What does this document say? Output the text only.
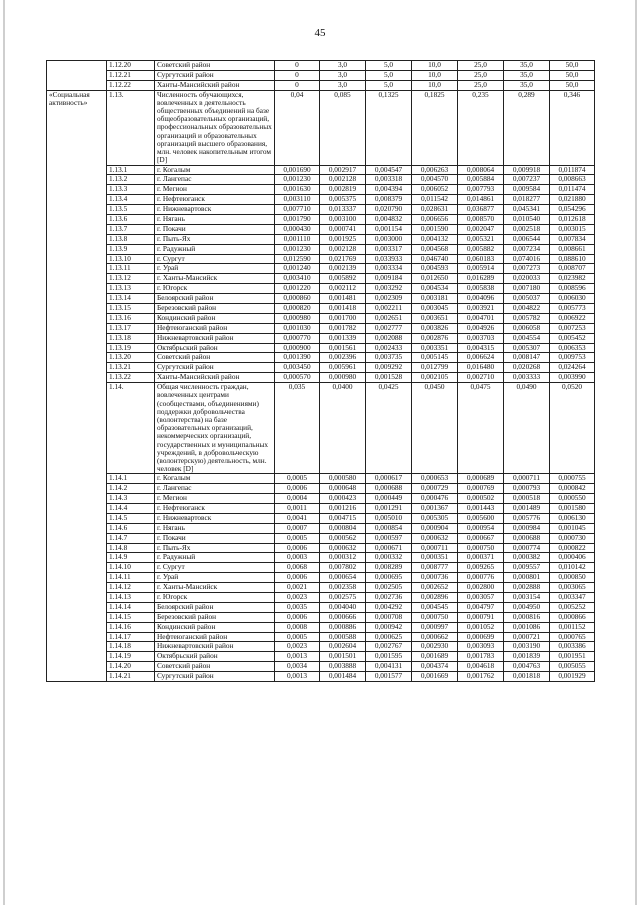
45
	1.12.20	Советский район	0	3,0	5,0	10,0	25,0	35,0	50,0
	1.12.21	Сургутский район	0	3,0	5,0	10,0	25,0	35,0	50,0
	1.12.22	Ханты-Мансийский район	0	3,0	5,0	10,0	25,0	35,0	50,0
«Социальная активность»	1.13.	Численность обучающихся, вовлеченных в деятельность общественных объединений на базе общеобразовательных организаций, профессиональных образовательных организаций и образовательных организаций высшего образования, млн. человек накопительным итогом [D]	0,04	0,085	0,1325	0,1825	0,235	0,289	0,346
	1.13.1	г. Когалым	0,001690	0,002917	0,004547	0,006263	0,008064	0,009918	0,011874
	1.13.2	г. Лангепас	0,001230	0,002128	0,003318	0,004570	0,005884	0,007237	0,008663
	1.13.3	г. Мегион	0,001630	0,002819	0,004394	0,006052	0,007793	0,009584	0,011474
	1.13.4	г. Нефтеюганск	0,003110	0,005375	0,008379	0,011542	0,014861	0,018277	0,021880
	1.13.5	г. Нижневартовск	0,007710	0,013337	0,020790	0,028631	0,036877	0,045341	0,054296
	1.13.6	г. Нягань	0,001790	0,003100	0,004832	0,006656	0,008570	0,010540	0,012618
	1.13.7	г. Покачи	0,000430	0,000741	0,001154	0,001590	0,002047	0,002518	0,003015
	1.13.8	г. Пыть-Ях	0,001110	0,001925	0,003000	0,004132	0,005321	0,006544	0,007834
	1.13.9	г. Радужный	0,001230	0,002128	0,003317	0,004568	0,005882	0,007234	0,008661
	1.13.10	г. Сургут	0,012590	0,021769	0,033933	0,046740	0,060183	0,074016	0,088610
	1.13.11	г. Урай	0,001240	0,002139	0,003334	0,004593	0,005914	0,007273	0,008707
	1.13.12	г. Ханты-Мансийск	0,003410	0,005892	0,009184	0,012650	0,016289	0,020033	0,023982
	1.13.13	г. Югорск	0,001220	0,002112	0,003292	0,004534	0,005838	0,007180	0,008596
	1.13.14	Белоярский район	0,000860	0,001481	0,002309	0,003181	0,004096	0,005037	0,006030
	1.13.15	Березовский район	0,000820	0,001418	0,002211	0,003045	0,003921	0,004822	0,005773
	1.13.16	Кондинский район	0,000980	0,001700	0,002651	0,003651	0,004701	0,005782	0,006922
	1.13.17	Нефтеюганский район	0,001030	0,001782	0,002777	0,003826	0,004926	0,006058	0,007253
	1.13.18	Нижневартовский район	0,000770	0,001339	0,002088	0,002876	0,003703	0,004554	0,005452
	1.13.19	Октябрьский район	0,000900	0,001561	0,002433	0,003351	0,004315	0,005307	0,006353
	1.13.20	Советский район	0,001390	0,002396	0,003735	0,005145	0,006624	0,008147	0,009753
	1.13.21	Сургутский район	0,003450	0,005961	0,009292	0,012799	0,016480	0,020268	0,024264
	1.13.22	Ханты-Мансийский район	0,000570	0,000980	0,001528	0,002105	0,002710	0,003333	0,003990
	1.14.	Общая численность граждан, вовлеченных центрами (сообществами, объединениями) поддержки добровольчества (волонтерства) на базе образовательных организаций, некоммерческих организаций, государственных и муниципальных учреждений, в добровольческую (волонтерскую) деятельность, млн. человек [D]	0,035	0,0400	0,0425	0,0450	0,0475	0,0490	0,0520
	1.14.1	г. Когалым	0,0005	0,000580	0,000617	0,000653	0,000689	0,000711	0,000755
	1.14.2	г. Лангепас	0,0006	0,000648	0,000688	0,000729	0,000769	0,000793	0,000842
	1.14.3	г. Мегион	0,0004	0,000423	0,000449	0,000476	0,000502	0,000518	0,000550
	1.14.4	г. Нефтеюганск	0,0011	0,001216	0,001291	0,001367	0,001443	0,001489	0,001580
	1.14.5	г. Нижневартовск	0,0041	0,004715	0,005010	0,005305	0,005600	0,005776	0,006130
	1.14.6	г. Нягань	0,0007	0,000804	0,000854	0,000904	0,000954	0,000984	0,001045
	1.14.7	г. Покачи	0,0005	0,000562	0,000597	0,000632	0,000667	0,000688	0,000730
	1.14.8	г. Пыть-Ях	0,0006	0,000632	0,000671	0,000711	0,000750	0,000774	0,000822
	1.14.9	г. Радужный	0,0003	0,000312	0,000332	0,000351	0,000371	0,000382	0,000406
	1.14.10	г. Сургут	0,0068	0,007802	0,008289	0,008777	0,009265	0,009557	0,010142
	1.14.11	г. Урай	0,0006	0,000654	0,000695	0,000736	0,000776	0,000801	0,000850
	1.14.12	г. Ханты-Мансийск	0,0021	0,002358	0,002505	0,002652	0,002800	0,002888	0,003065
	1.14.13	г. Югорск	0,0023	0,002575	0,002736	0,002896	0,003057	0,003154	0,003347
	1.14.14	Белоярский район	0,0035	0,004040	0,004292	0,004545	0,004797	0,004950	0,005252
	1.14.15	Березовский район	0,0006	0,000666	0,000708	0,000750	0,000791	0,000816	0,000866
	1.14.16	Кондинский район	0,0008	0,000886	0,000942	0,000997	0,001052	0,001086	0,001152
	1.14.17	Нефтеюганский район	0,0005	0,000588	0,000625	0,000662	0,000699	0,000721	0,000765
	1.14.18	Нижневартовский район	0,0023	0,002604	0,002767	0,002930	0,003093	0,003190	0,003386
	1.14.19	Октябрьский район	0,0013	0,001501	0,001595	0,001689	0,001783	0,001839	0,001951
	1.14.20	Советский район	0,0034	0,003888	0,004131	0,004374	0,004618	0,004763	0,005055
	1.14.21	Сургутский район	0,0013	0,001484	0,001577	0,001669	0,001762	0,001818	0,001929
